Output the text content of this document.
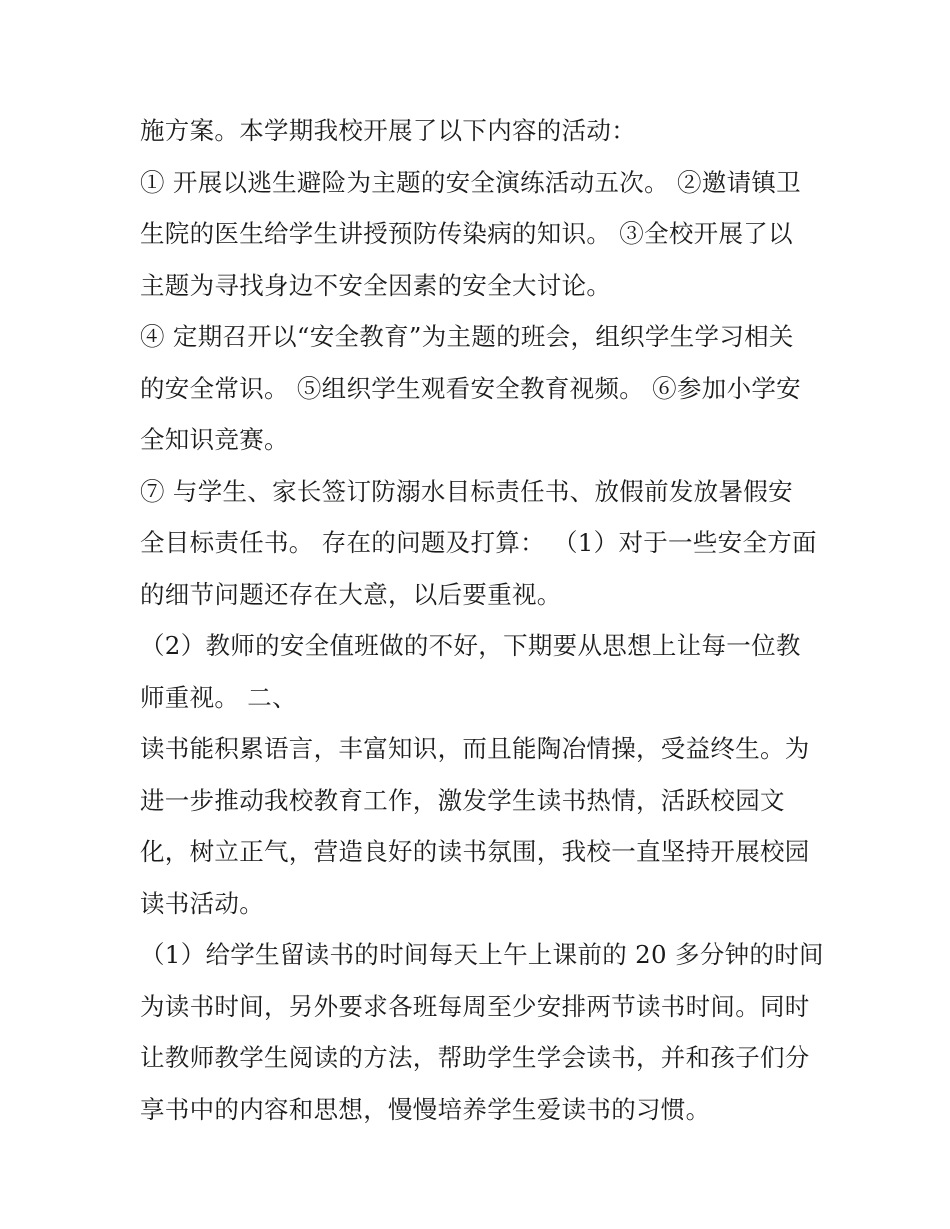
施方案。本学期我校开展了以下内容的活动：
① 开展以逃生避险为主题的安全演练活动五次。 ②邀请镇卫
生院的医生给学生讲授预防传染病的知识。 ③全校开展了以
主题为寻找身边不安全因素的安全大讨论。
④ 定期召开以“安全教育”为主题的班会，组织学生学习相关
的安全常识。 ⑤组织学生观看安全教育视频。 ⑥参加小学安
全知识竞赛。
⑦ 与学生、家长签订防溺水目标责任书、放假前发放暑假安
全目标责任书。 存在的问题及打算： （1）对于一些安全方面
的细节问题还存在大意，以后要重视。
（2）教师的安全值班做的不好，下期要从思想上让每一位教
师重视。 二、
读书能积累语言，丰富知识，而且能陶冶情操，受益终生。为
进一步推动我校教育工作，激发学生读书热情，活跃校园文
化，树立正气，营造良好的读书氛围，我校一直坚持开展校园
读书活动。
（1）给学生留读书的时间每天上午上课前的 20 多分钟的时间
为读书时间，另外要求各班每周至少安排两节读书时间。同时
让教师教学生阅读的方法，帮助学生学会读书，并和孩子们分
享书中的内容和思想，慢慢培养学生爱读书的习惯。
